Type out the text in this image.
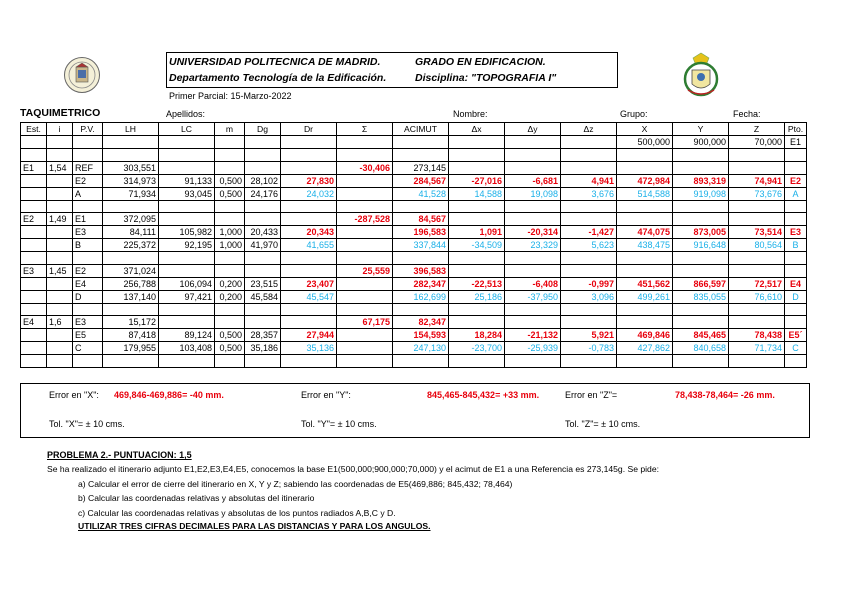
UNIVERSIDAD POLITECNICA DE MADRID.
Departamento Tecnología de la Edificación.
GRADO EN EDIFICACION.
Disciplina: "TOPOGRAFIA I"
Primer Parcial: 15-Marzo-2022
TAQUIMETRICO	Apellidos:	Nombre:	Grupo:	Fecha:
Est.	i	P.V.	LH	LC	m	Dg	Dr	Σ	ACIMUT	Δx	Δy	Δz	X	Y	Z	Pto.
													500,000	900,000	70,000	E1

E1	1,54	REF	303,551					-30,406	273,145							
		E2	314,973	91,133	0,500	28,102	27,830		284,567	-27,016	-6,681	4,941	472,984	893,319	74,941	E2
		A	71,934	93,045	0,500	24,176	24,032		41,528	14,588	19,098	3,676	514,588	919,098	73,676	A

E2	1,49	E1	372,095					-287,528	84,567							
		E3	84,111	105,982	1,000	20,433	20,343		196,583	1,091	-20,314	-1,427	474,075	873,005	73,514	E3
		B	225,372	92,195	1,000	41,970	41,655		337,844	-34,509	23,329	5,623	438,475	916,648	80,564	B

E3	1,45	E2	371,024					25,559	396,583							
		E4	256,788	106,094	0,200	23,515	23,407		282,347	-22,513	-6,408	-0,997	451,562	866,597	72,517	E4
		D	137,140	97,421	0,200	45,584	45,547		162,699	25,186	-37,950	3,096	499,261	835,055	76,610	D

E4	1,6	E3	15,172					67,175	82,347							
		E5	87,418	89,124	0,500	28,357	27,944		154,593	18,284	-21,132	5,921	469,846	845,465	78,438	E5´
		C	179,955	103,408	0,500	35,186	35,136		247,130	-23,700	-25,939	-0,783	427,862	840,658	71,734	C

Error en "X": 469,846-469,886= -40 mm.	Error en "Y":	845,465-845,432= +33 mm.	Error en "Z"=	78,438-78,464= -26 mm.
Tol. "X"= ± 10 cms.	Tol. "Y"= ± 10 cms.	Tol. "Z"= ± 10 cms.
PROBLEMA 2.- PUNTUACION: 1,5
Se ha realizado el itinerario adjunto E1,E2,E3,E4,E5, conocemos la base E1(500,000;900,000;70,000) y el acimut de E1 a una Referencia es 273,145g. Se pide:
a) Calcular el error de cierre del itinerario en X, Y y Z; sabiendo las coordenadas de E5(469,886; 845,432; 78,464)
b) Calcular las coordenadas relativas y absolutas del itinerario
c) Calcular las coordenadas relativas y absolutas de los puntos radiados A,B,C y D.
UTILIZAR TRES CIFRAS DECIMALES PARA LAS DISTANCIAS Y PARA LOS ANGULOS.
